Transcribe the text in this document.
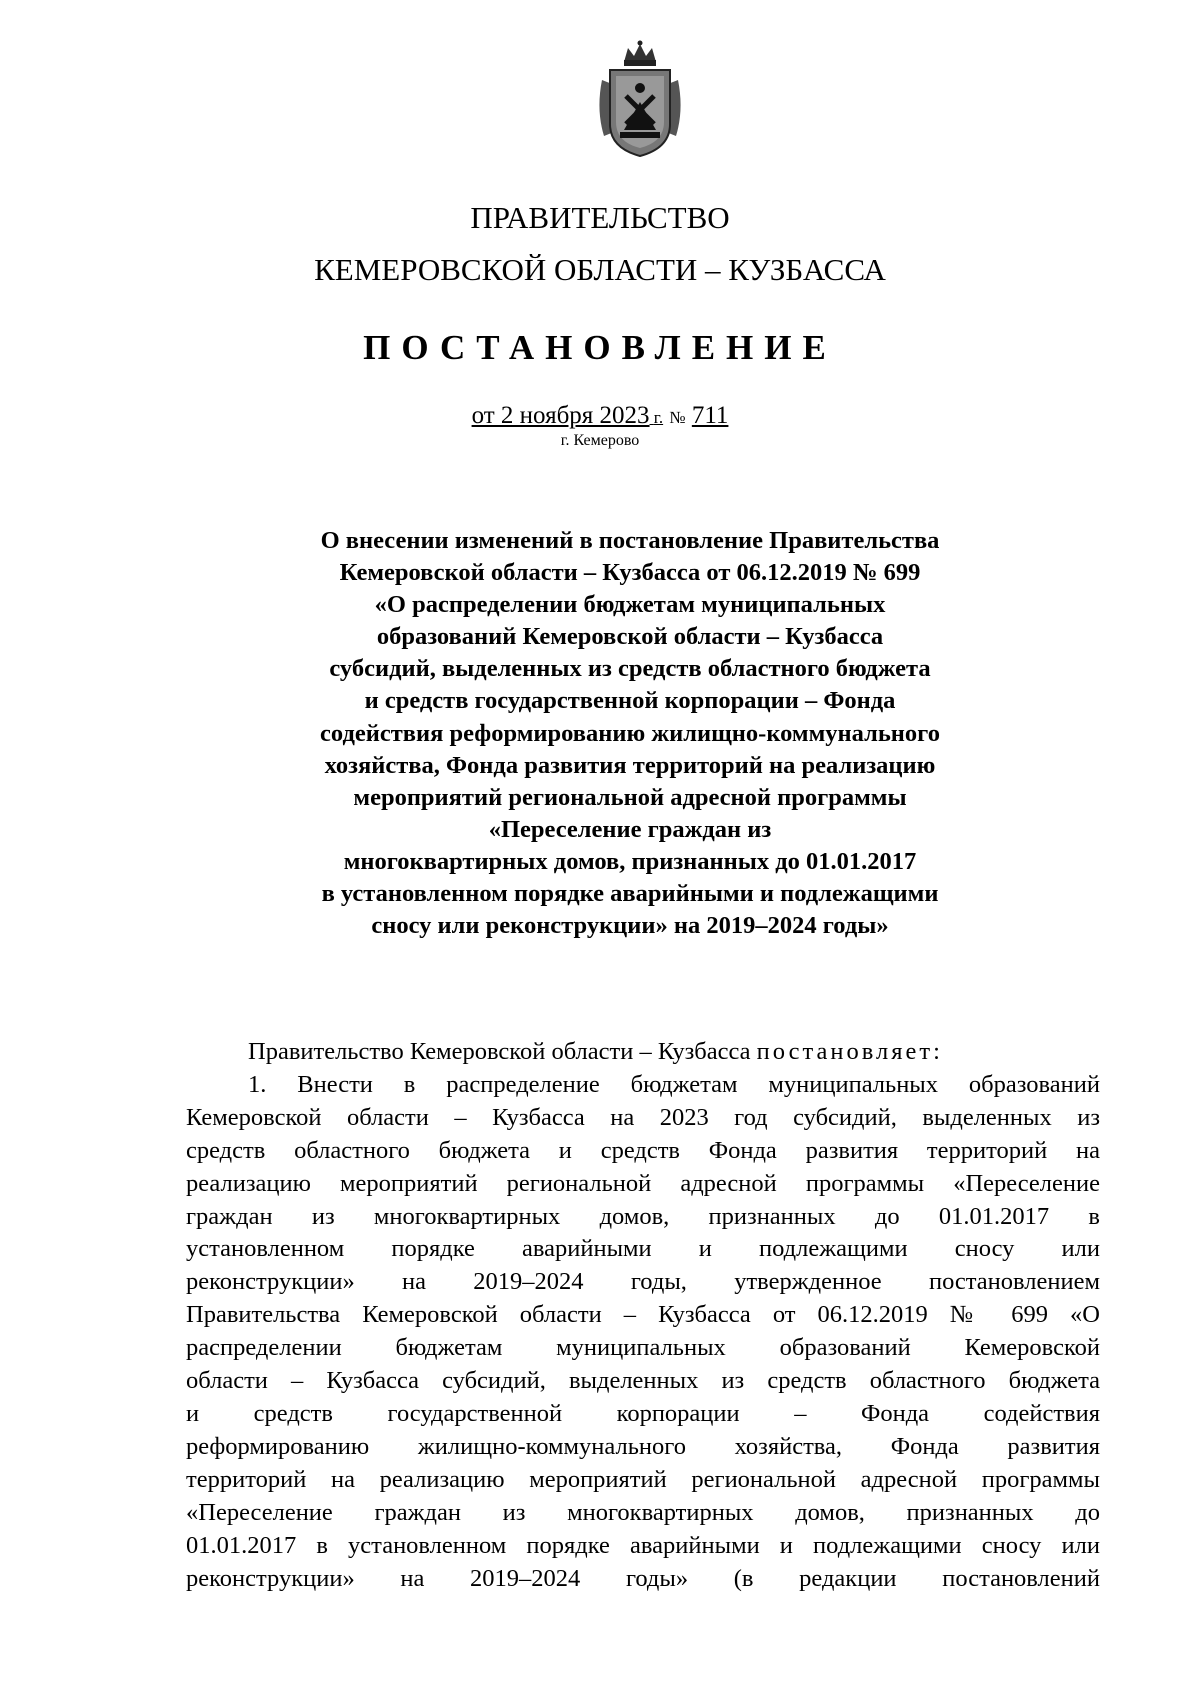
ПРАВИТЕЛЬСТВО
КЕМЕРОВСКОЙ ОБЛАСТИ – КУЗБАССА
ПОСТАНОВЛЕНИЕ
от 2 ноября 2023 г. № 711
г. Кемерово
О внесении изменений в постановление Правительства
Кемеровской области – Кузбасса от 06.12.2019 № 699
«О распределении бюджетам муниципальных
образований Кемеровской области – Кузбасса
субсидий, выделенных из средств областного бюджета
и средств государственной корпорации – Фонда
содействия реформированию жилищно-коммунального
хозяйства, Фонда развития территорий на реализацию
мероприятий региональной адресной программы
«Переселение граждан из
многоквартирных домов, признанных до 01.01.2017
в установленном порядке аварийными и подлежащими
сносу или реконструкции» на 2019–2024 годы»
Правительство Кемеровской области – Кузбасса постановляет:
1. Внести в распределение бюджетам муниципальных образований
Кемеровской области – Кузбасса на 2023 год субсидий, выделенных из
средств областного бюджета и средств Фонда развития территорий на
реализацию мероприятий региональной адресной программы «Переселение
граждан из многоквартирных домов, признанных до 01.01.2017 в
установленном порядке аварийными и подлежащими сносу или
реконструкции» на 2019–2024 годы, утвержденное постановлением
Правительства Кемеровской области – Кузбасса от 06.12.2019 № 699 «О
распределении бюджетам муниципальных образований Кемеровской
области – Кузбасса субсидий, выделенных из средств областного бюджета
и средств государственной корпорации – Фонда содействия
реформированию жилищно-коммунального хозяйства, Фонда развития
территорий на реализацию мероприятий региональной адресной программы
«Переселение граждан из многоквартирных домов, признанных до
01.01.2017 в установленном порядке аварийными и подлежащими сносу или
реконструкции» на 2019–2024 годы» (в редакции постановлений
